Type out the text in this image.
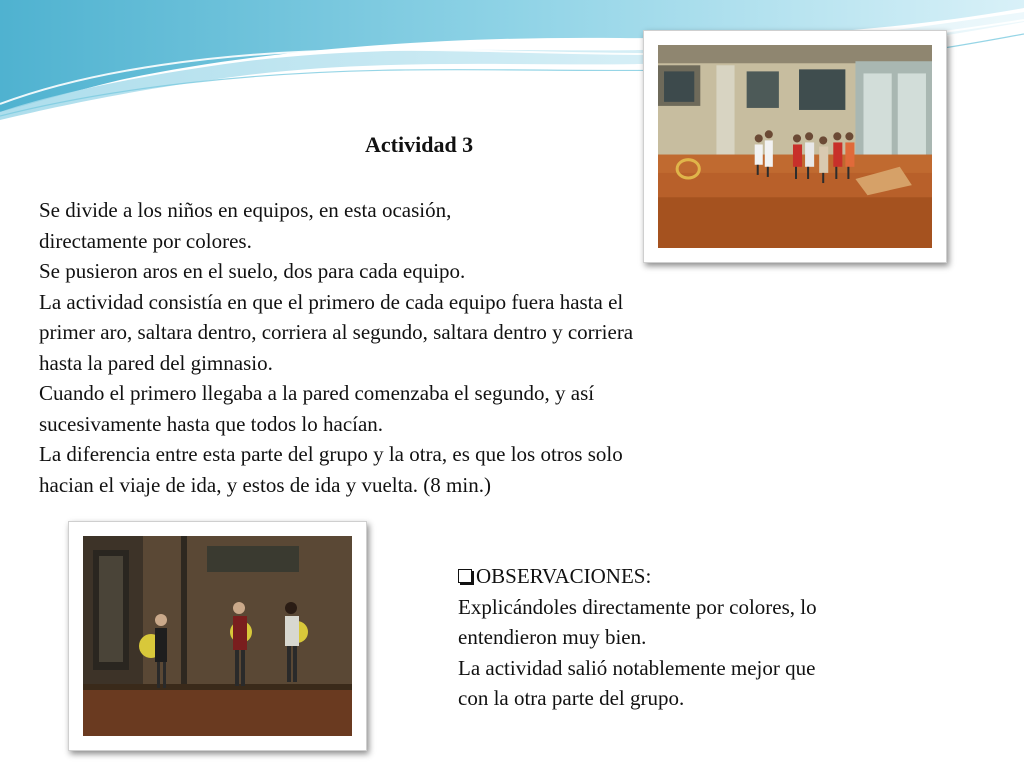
Actividad 3

Se divide a los niños en equipos, en esta ocasión,
directamente por colores.
Se pusieron aros en el suelo, dos para cada equipo.
La actividad consistía en que el primero de cada equipo fuera hasta el
primer aro, saltara dentro, corriera al segundo, saltara dentro y corriera
hasta la pared del gimnasio.
Cuando el primero llegaba a la pared comenzaba el segundo, y así
sucesivamente hasta que todos lo hacían.
La diferencia entre esta parte del grupo y la otra, es que los otros solo
hacian el viaje de ida, y estos de ida y vuelta. (8 min.)

OBSERVACIONES:
Explicándoles directamente por colores, lo
entendieron muy bien.
La actividad salió notablemente mejor que
con la otra parte del grupo.
